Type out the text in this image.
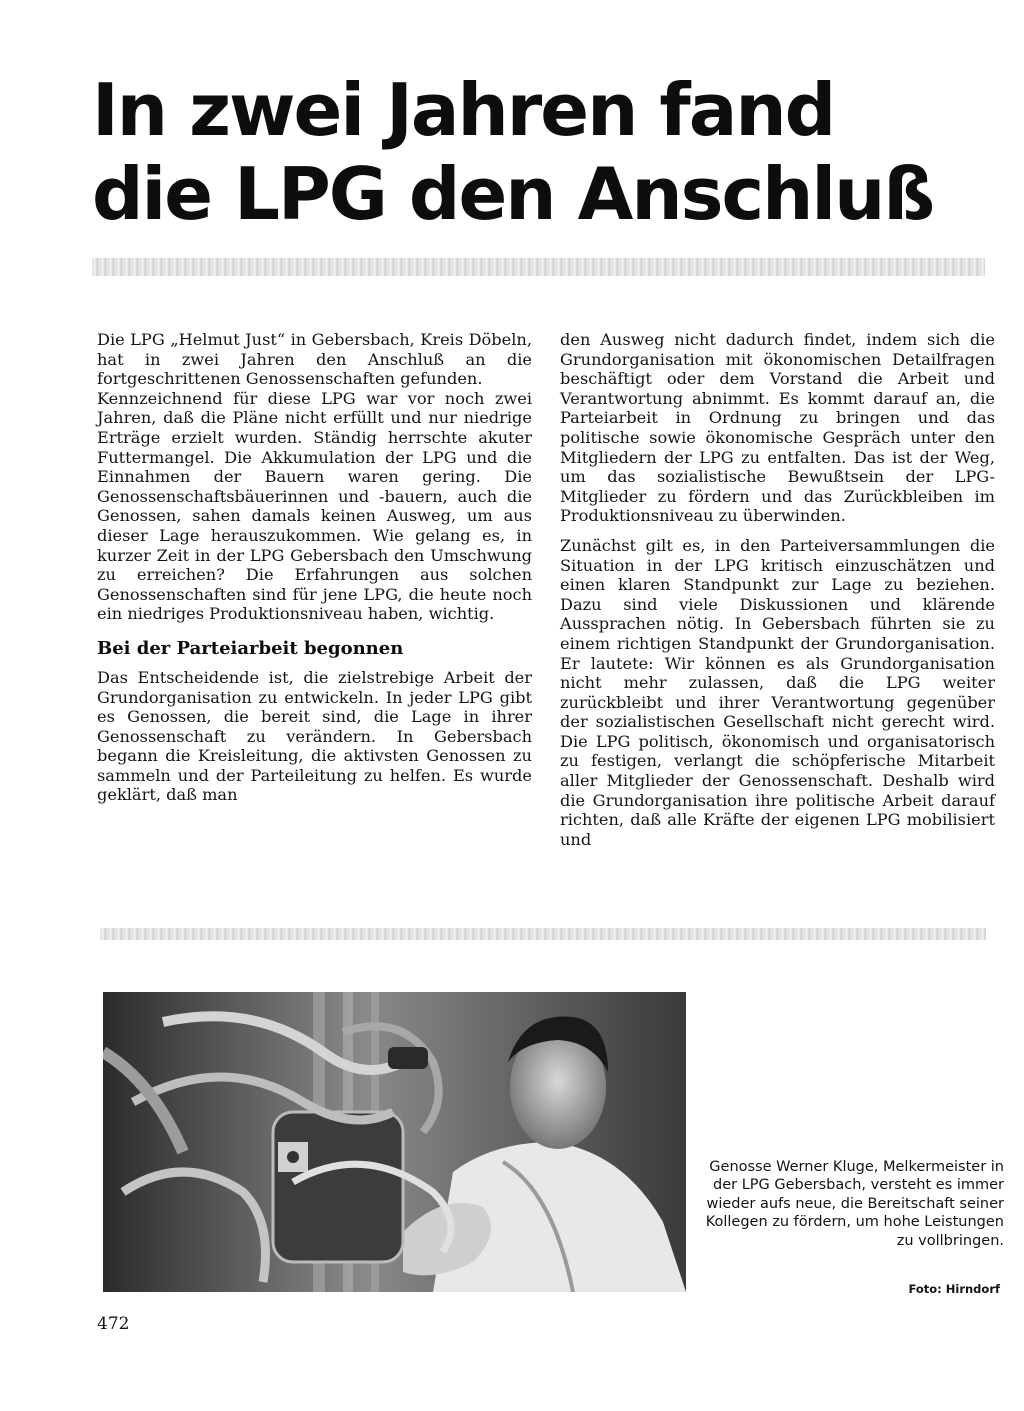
In zwei Jahren fand
die LPG den Anschluß

Die LPG „Helmut Just“ in Gebersbach, Kreis Döbeln, hat in zwei Jahren den Anschluß an die fortgeschrittenen Genossenschaften gefunden.

Kennzeichnend für diese LPG war vor noch zwei Jahren, daß die Pläne nicht erfüllt und nur niedrige Erträge erzielt wurden. Ständig herrschte akuter Futtermangel. Die Akkumulation der LPG und die Einnahmen der Bauern waren gering. Die Genossenschaftsbäuerinnen und -bauern, auch die Genossen, sahen damals keinen Ausweg, um aus dieser Lage herauszukommen. Wie gelang es, in kurzer Zeit in der LPG Gebersbach den Umschwung zu erreichen? Die Erfahrungen aus solchen Genossenschaften sind für jene LPG, die heute noch ein niedriges Produktionsniveau haben, wichtig.

Bei der Parteiarbeit begonnen

Das Entscheidende ist, die zielstrebige Arbeit der Grundorganisation zu entwickeln. In jeder LPG gibt es Genossen, die bereit sind, die Lage in ihrer Genossenschaft zu verändern. In Gebersbach begann die Kreisleitung, die aktivsten Genossen zu sammeln und der Parteileitung zu helfen. Es wurde geklärt, daß man

den Ausweg nicht dadurch findet, indem sich die Grundorganisation mit ökonomischen Detailfragen beschäftigt oder dem Vorstand die Arbeit und Verantwortung abnimmt. Es kommt darauf an, die Parteiarbeit in Ordnung zu bringen und das politische sowie ökonomische Gespräch unter den Mitgliedern der LPG zu entfalten. Das ist der Weg, um das sozialistische Bewußtsein der LPG-Mitglieder zu fördern und das Zurückbleiben im Produktionsniveau zu überwinden.

Zunächst gilt es, in den Parteiversammlungen die Situation in der LPG kritisch einzuschätzen und einen klaren Standpunkt zur Lage zu beziehen. Dazu sind viele Diskussionen und klärende Aussprachen nötig. In Gebersbach führten sie zu einem richtigen Standpunkt der Grundorganisation. Er lautete: Wir können es als Grundorganisation nicht mehr zulassen, daß die LPG weiter zurückbleibt und ihrer Verantwortung gegenüber der sozialistischen Gesellschaft nicht gerecht wird. Die LPG politisch, ökonomisch und organisatorisch zu festigen, verlangt die schöpferische Mitarbeit aller Mitglieder der Genossenschaft. Deshalb wird die Grundorganisation ihre politische Arbeit darauf richten, daß alle Kräfte der eigenen LPG mobilisiert und

Genosse Werner Kluge, Melkermeister in der LPG Gebersbach, versteht es immer wieder aufs neue, die Bereitschaft seiner Kollegen zu fördern, um hohe Leistungen zu vollbringen.
Foto: Hirndorf
472
